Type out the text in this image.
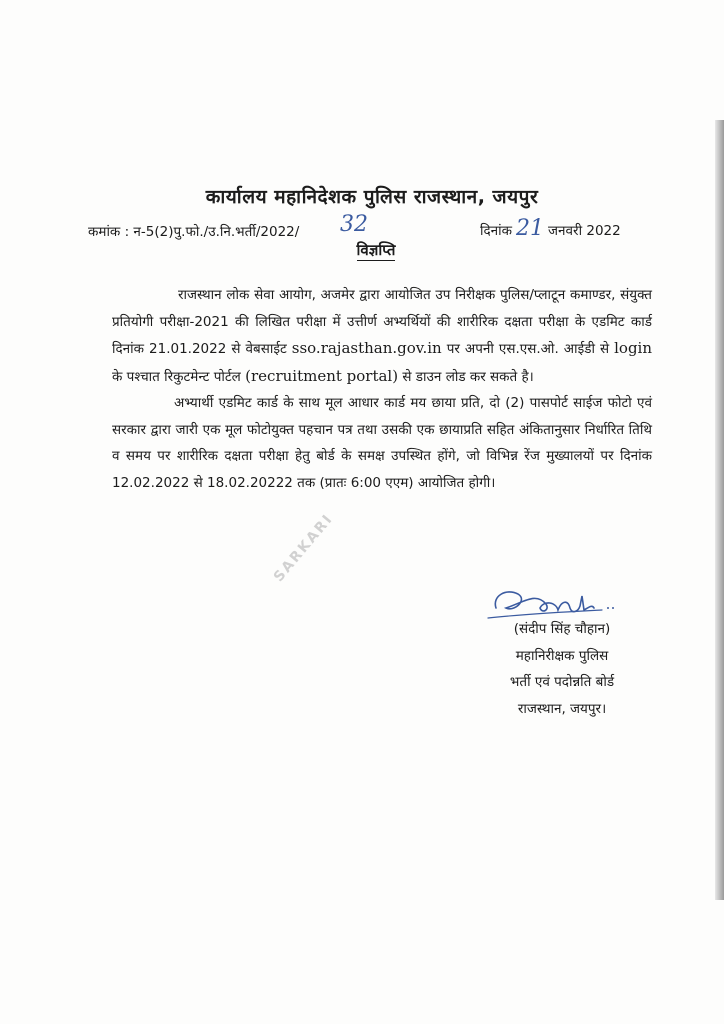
कार्यालय महानिदेशक पुलिस राजस्थान, जयपुर
कमांक : न-5(2)पु.फो./उ.नि.भर्ती/2022/ 32	दिनांक 21 जनवरी 2022
विज्ञप्ति

राजस्थान लोक सेवा आयोग, अजमेर द्वारा आयोजित उप निरीक्षक पुलिस/प्लाटून कमाण्डर, संयुक्त प्रतियोगी परीक्षा-2021 की लिखित परीक्षा में उत्तीर्ण अभ्यर्थियों की शारीरिक दक्षता परीक्षा के एडमिट कार्ड दिनांक 21.01.2022 से वेबसाईट sso.rajasthan.gov.in पर अपनी एस.एस.ओ. आईडी से login के पश्चात रिकुटमेन्ट पोर्टल (recruitment portal) से डाउन लोड कर सकते है।

अभ्यार्थी एडमिट कार्ड के साथ मूल आधार कार्ड मय छाया प्रति, दो (2) पासपोर्ट साईज फोटो एवं सरकार द्वारा जारी एक मूल फोटोयुक्त पहचान पत्र तथा उसकी एक छायाप्रति सहित अंकितानुसार निर्धारित तिथि व समय पर शारीरिक दक्षता परीक्षा हेतु बोर्ड के समक्ष उपस्थित होंगे, जो विभिन्न रेंज मुख्यालयों पर दिनांक 12.02.2022 से 18.02.20222 तक (प्रातः 6:00 एएम) आयोजित होगी।

SARKARI
(संदीप सिंह चौहान)
महानिरीक्षक पुलिस
भर्ती एवं पदोन्नति बोर्ड
राजस्थान, जयपुर।
